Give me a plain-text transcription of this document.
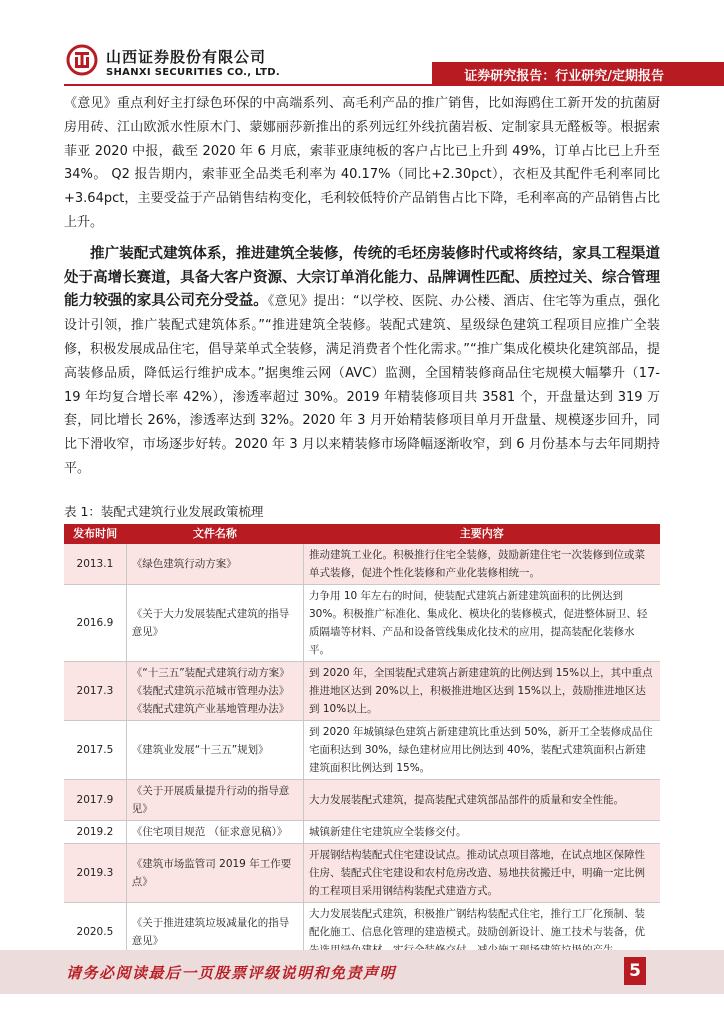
山西证券股份有限公司
SHANXI SECURITIES CO., LTD.	证券研究报告：行业研究/定期报告

《意见》重点利好主打绿色环保的中高端系列、高毛利产品的推广销售，比如海鸥住工新开发的抗菌厨房用砖、江山欧派水性原木门、蒙娜丽莎新推出的系列远红外线抗菌岩板、定制家具无醛板等。根据索菲亚 2020 中报，截至 2020 年 6 月底，索菲亚康纯板的客户占比已上升到 49%，订单占比已上升至 34%。 Q2 报告期内，索菲亚全品类毛利率为 40.17%（同比+2.30pct），衣柜及其配件毛利率同比+3.64pct，主要受益于产品销售结构变化，毛利较低特价产品销售占比下降，毛利率高的产品销售占比上升。

推广装配式建筑体系，推进建筑全装修，传统的毛坯房装修时代或将终结，家具工程渠道处于高增长赛道，具备大客户资源、大宗订单消化能力、品牌调性匹配、质控过关、综合管理能力较强的家具公司充分受益。《意见》提出：“以学校、医院、办公楼、酒店、住宅等为重点，强化设计引领，推广装配式建筑体系。”“推进建筑全装修。装配式建筑、星级绿色建筑工程项目应推广全装修，积极发展成品住宅，倡导菜单式全装修，满足消费者个性化需求。”“推广集成化模块化建筑部品，提高装修品质，降低运行维护成本。”据奥维云网（AVC）监测，全国精装修商品住宅规模大幅攀升（17-19 年均复合增长率 42%），渗透率超过 30%。2019 年精装修项目共 3581 个，开盘量达到 319 万套，同比增长 26%，渗透率达到 32%。2020 年 3 月开始精装修项目单月开盘量、规模逐步回升，同比下滑收窄，市场逐步好转。2020 年 3 月以来精装修市场降幅逐渐收窄，到 6 月份基本与去年同期持平。

表 1：装配式建筑行业发展政策梳理
发布时间	文件名称	主要内容
2013.1	《绿色建筑行动方案》	推动建筑工业化。积极推行住宅全装修，鼓励新建住宅一次装修到位或菜单式装修，促进个性化装修和产业化装修相统一。
2016.9	《关于大力发展装配式建筑的指导意见》	力争用 10 年左右的时间，使装配式建筑占新建建筑面积的比例达到 30%。积极推广标准化、集成化、模块化的装修模式，促进整体厨卫、轻质隔墙等材料、产品和设备管线集成化技术的应用，提高装配化装修水平。
2017.3	《“十三五”装配式建筑行动方案》
《装配式建筑示范城市管理办法》
《装配式建筑产业基地管理办法》	到 2020 年，全国装配式建筑占新建建筑的比例达到 15%以上，其中重点推进地区达到 20%以上，积极推进地区达到 15%以上，鼓励推进地区达到 10%以上。
2017.5	《建筑业发展“十三五”规划》	到 2020 年城镇绿色建筑占新建建筑比重达到 50%，新开工全装修成品住宅面积达到 30%，绿色建材应用比例达到 40%，装配式建筑面积占新建建筑面积比例达到 15%。
2017.9	《关于开展质量提升行动的指导意见》	大力发展装配式建筑，提高装配式建筑部品部件的质量和安全性能。
2019.2	《住宅项目规范 （征求意见稿）》	城镇新建住宅建筑应全装修交付。
2019.3	《建筑市场监管司 2019 年工作要点》	开展钢结构装配式住宅建设试点。推动试点项目落地，在试点地区保障性住房、装配式住宅建设和农村危房改造、易地扶贫搬迁中，明确一定比例的工程项目采用钢结构装配式建造方式。
2020.5	《关于推进建筑垃圾减量化的指导意见》	大力发展装配式建筑，积极推广钢结构装配式住宅，推行工厂化预制、装配化施工、信息化管理的建造模式。鼓励创新设计、施工技术与装备，优
请务必阅读最后一页股票评级说明和免责声明	5
